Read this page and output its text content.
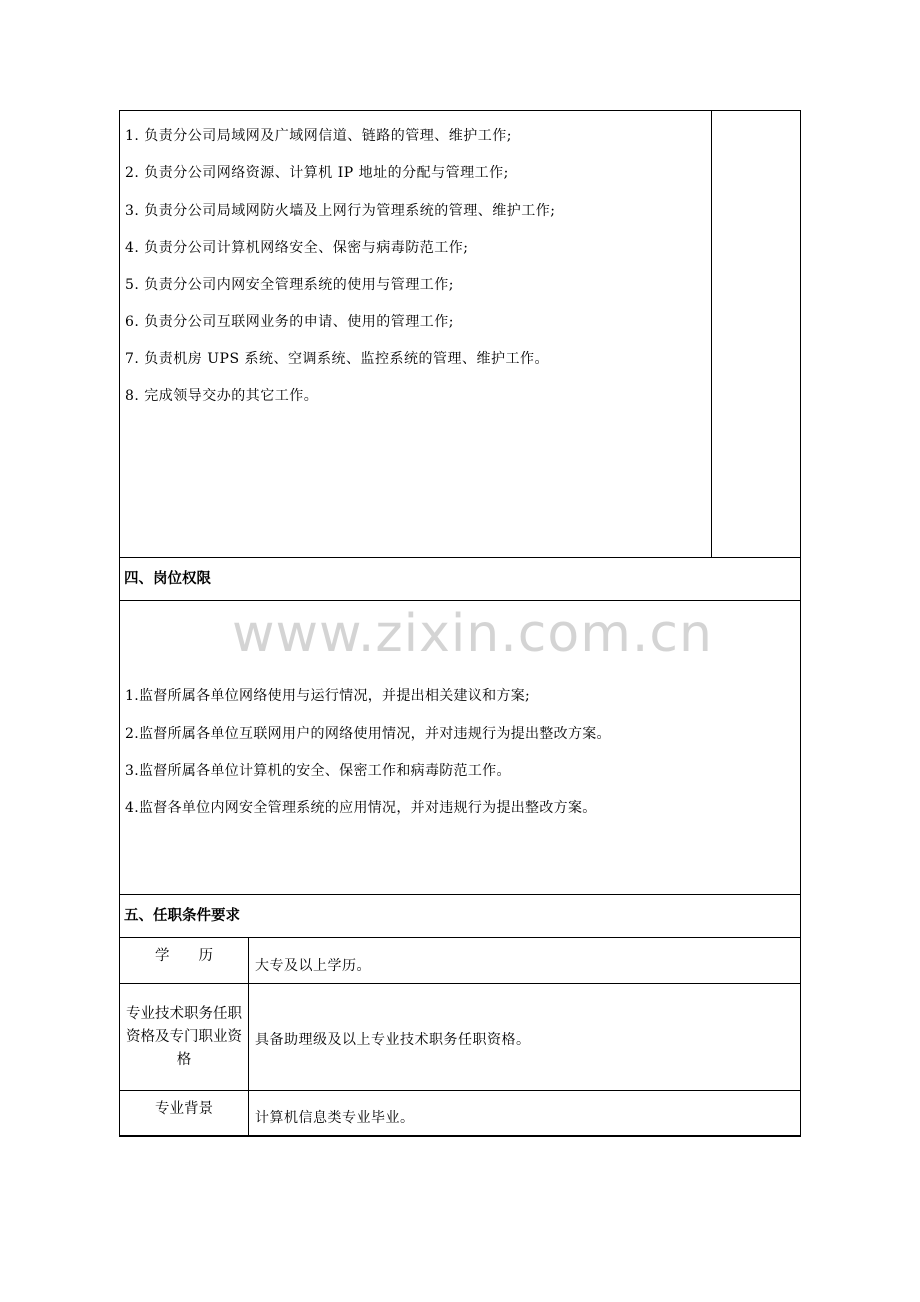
1. 负责分公司局域网及广域网信道、链路的管理、维护工作;
2. 负责分公司网络资源、计算机 IP 地址的分配与管理工作;
3. 负责分公司局域网防火墙及上网行为管理系统的管理、维护工作;
4. 负责分公司计算机网络安全、保密与病毒防范工作;
5. 负责分公司内网安全管理系统的使用与管理工作;
6. 负责分公司互联网业务的申请、使用的管理工作;
7. 负责机房 UPS 系统、空调系统、监控系统的管理、维护工作。
8. 完成领导交办的其它工作。
四、岗位权限
1.监督所属各单位网络使用与运行情况，并提出相关建议和方案;
2.监督所属各单位互联网用户的网络使用情况，并对违规行为提出整改方案。
3.监督所属各单位计算机的安全、保密工作和病毒防范工作。
4.监督各单位内网安全管理系统的应用情况，并对违规行为提出整改方案。
五、任职条件要求
学　　历
大专及以上学历。
专业技术职务任职资格及专门职业资格
具备助理级及以上专业技术职务任职资格。
专业背景
计算机信息类专业毕业。
www.zixin.com.cn
